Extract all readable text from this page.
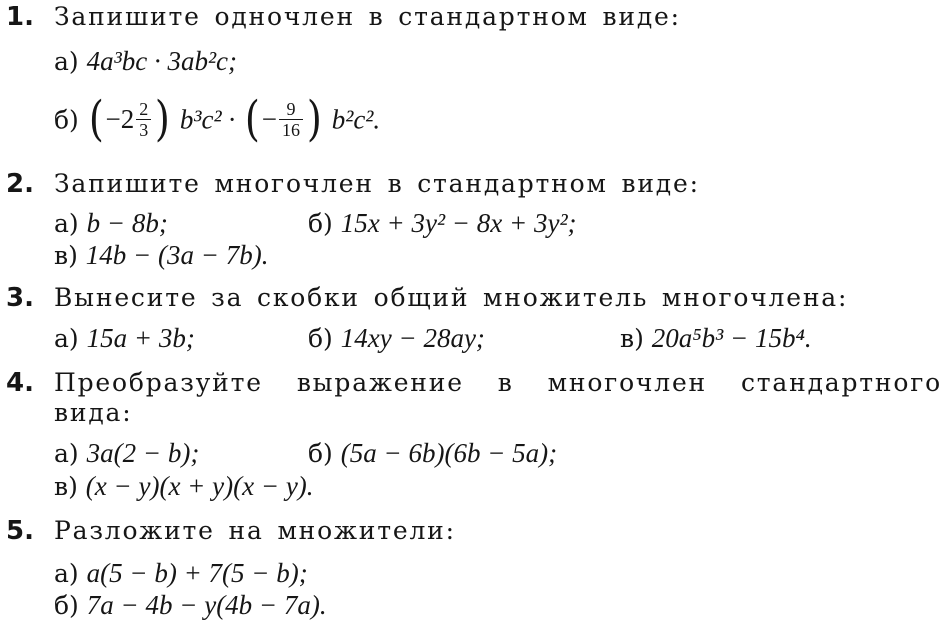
1. Запишите одночлен в стандартном виде:
а) 4a³bc · 3ab²c;
б) ( − $2 \frac{2}{3}$ ) b³c² · ( − $\frac{9}{16}$ ) b²c².
2. Запишите многочлен в стандартном виде:
а) b − 8b;	б) 15x + 3y² − 8x + 3y²;
в) 14b − (3a − 7b).
3. Вынесите за скобки общий множитель многочлена:
а) 15a + 3b;	б) 14xy − 28ay;	в) 20a⁵b³ − 15b⁴.
4. Преобразуйте выражение в многочлен стандартного
вида:
а) 3a(2 − b);	б) (5a − 6b)(6b − 5a);
в) (x − y)(x + y)(x − y).
5. Разложите на множители:
а) a(5 − b) + 7(5 − b);
б) 7a − 4b − y(4b − 7a).
